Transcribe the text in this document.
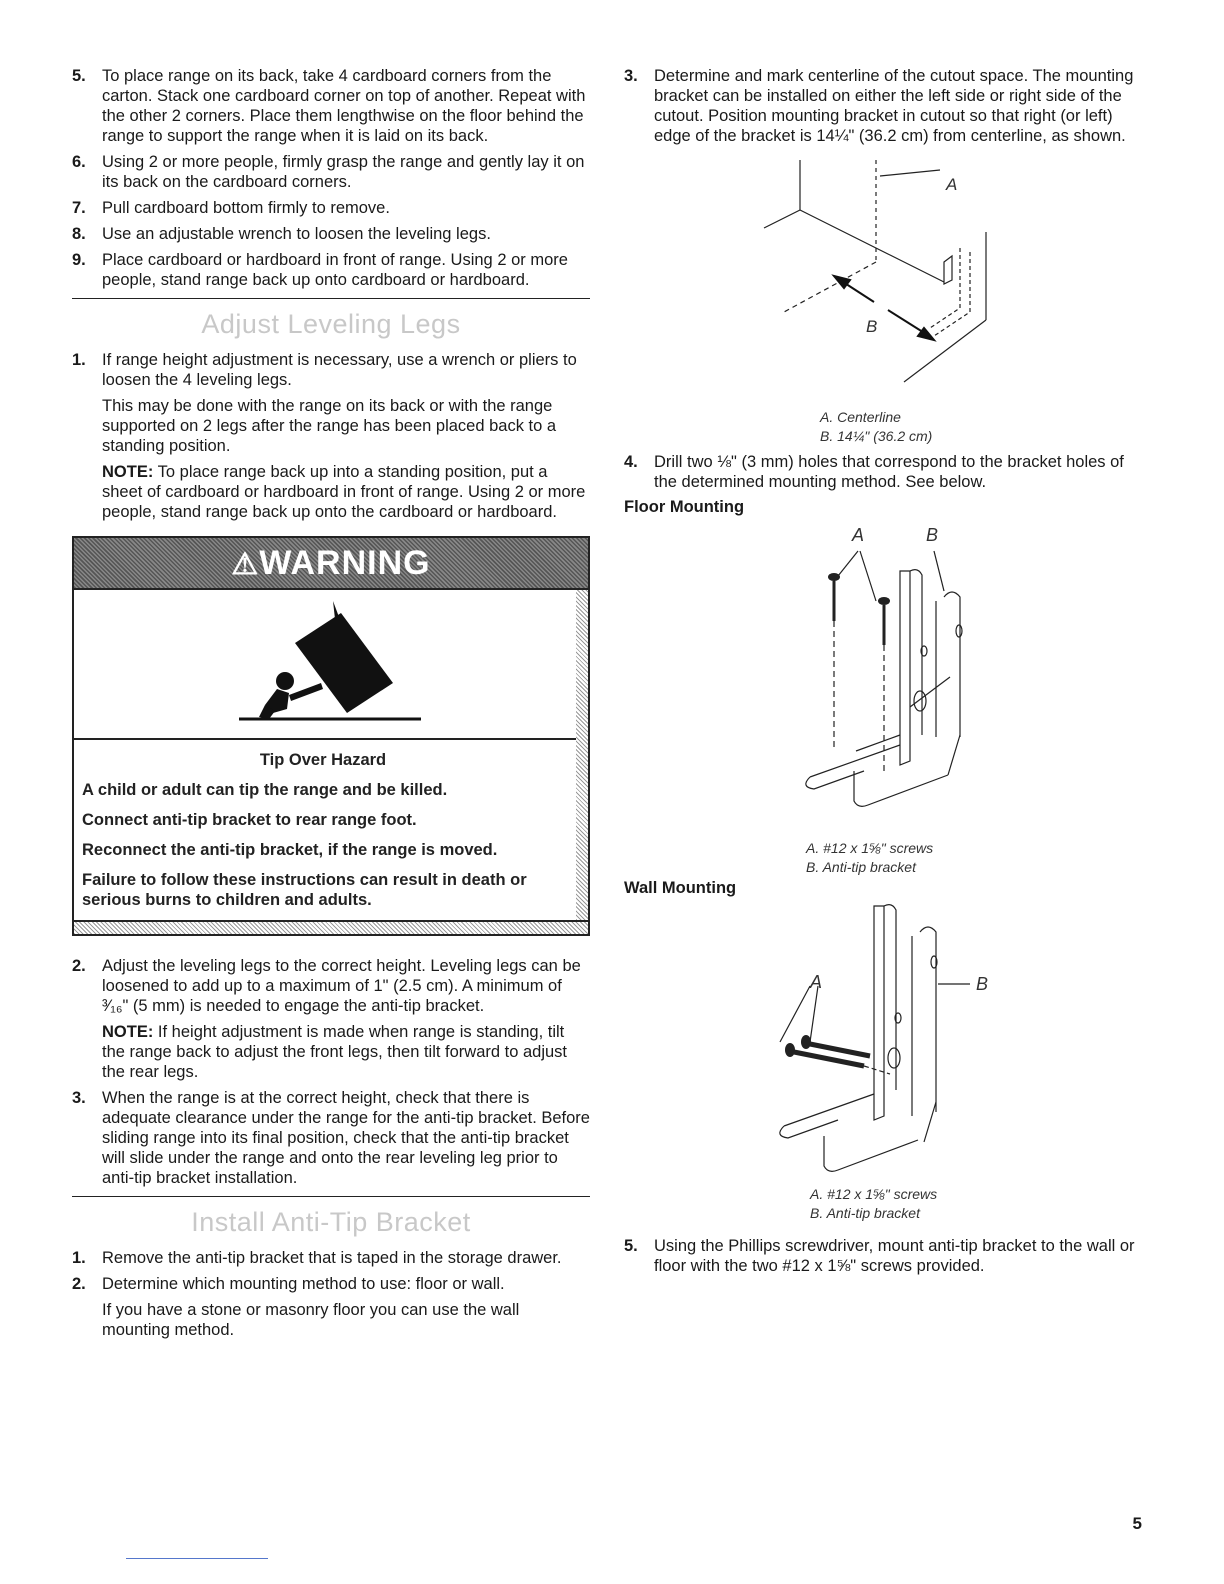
5. To place range on its back, take 4 cardboard corners from the carton. Stack one cardboard corner on top of another. Repeat with the other 2 corners. Place them lengthwise on the floor behind the range to support the range when it is laid on its back.
6. Using 2 or more people, firmly grasp the range and gently lay it on its back on the cardboard corners.
7. Pull cardboard bottom firmly to remove.
8. Use an adjustable wrench to loosen the leveling legs.
9. Place cardboard or hardboard in front of range. Using 2 or more people, stand range back up onto cardboard or hardboard.
Adjust Leveling Legs
1. If range height adjustment is necessary, use a wrench or pliers to loosen the 4 leveling legs.
This may be done with the range on its back or with the range supported on 2 legs after the range has been placed back to a standing position.
NOTE: To place range back up into a standing position, put a sheet of cardboard or hardboard in front of range. Using 2 or more people, stand range back up onto the cardboard or hardboard.
⚠WARNING
Tip Over Hazard

A child or adult can tip the range and be killed.

Connect anti-tip bracket to rear range foot.

Reconnect the anti-tip bracket, if the range is moved.

Failure to follow these instructions can result in death or serious burns to children and adults.

2. Adjust the leveling legs to the correct height. Leveling legs can be loosened to add up to a maximum of 1" (2.5 cm). A minimum of ³⁄₁₆" (5 mm) is needed to engage the anti-tip bracket.
NOTE: If height adjustment is made when range is standing, tilt the range back to adjust the front legs, then tilt forward to adjust the rear legs.
3. When the range is at the correct height, check that there is adequate clearance under the range for the anti-tip bracket. Before sliding range into its final position, check that the anti-tip bracket will slide under the range and onto the rear leveling leg prior to anti-tip bracket installation.
Install Anti-Tip Bracket
1. Remove the anti-tip bracket that is taped in the storage drawer.
2. Determine which mounting method to use: floor or wall.
If you have a stone or masonry floor you can use the wall mounting method.
3. Determine and mark centerline of the cutout space. The mounting bracket can be installed on either the left side or right side of the cutout. Position mounting bracket in cutout so that right (or left) edge of the bracket is 14¼" (36.2 cm) from centerline, as shown.
A
B
A. Centerline
B. 14¼" (36.2 cm)
4. Drill two ⅛" (3 mm) holes that correspond to the bracket holes of the determined mounting method. See below.
Floor Mounting
A	B
A. #12 x 1⅝" screws
B. Anti-tip bracket
Wall Mounting
A	B
A. #12 x 1⅝" screws
B. Anti-tip bracket
5. Using the Phillips screwdriver, mount anti-tip bracket to the wall or floor with the two #12 x 1⅝" screws provided.
5
